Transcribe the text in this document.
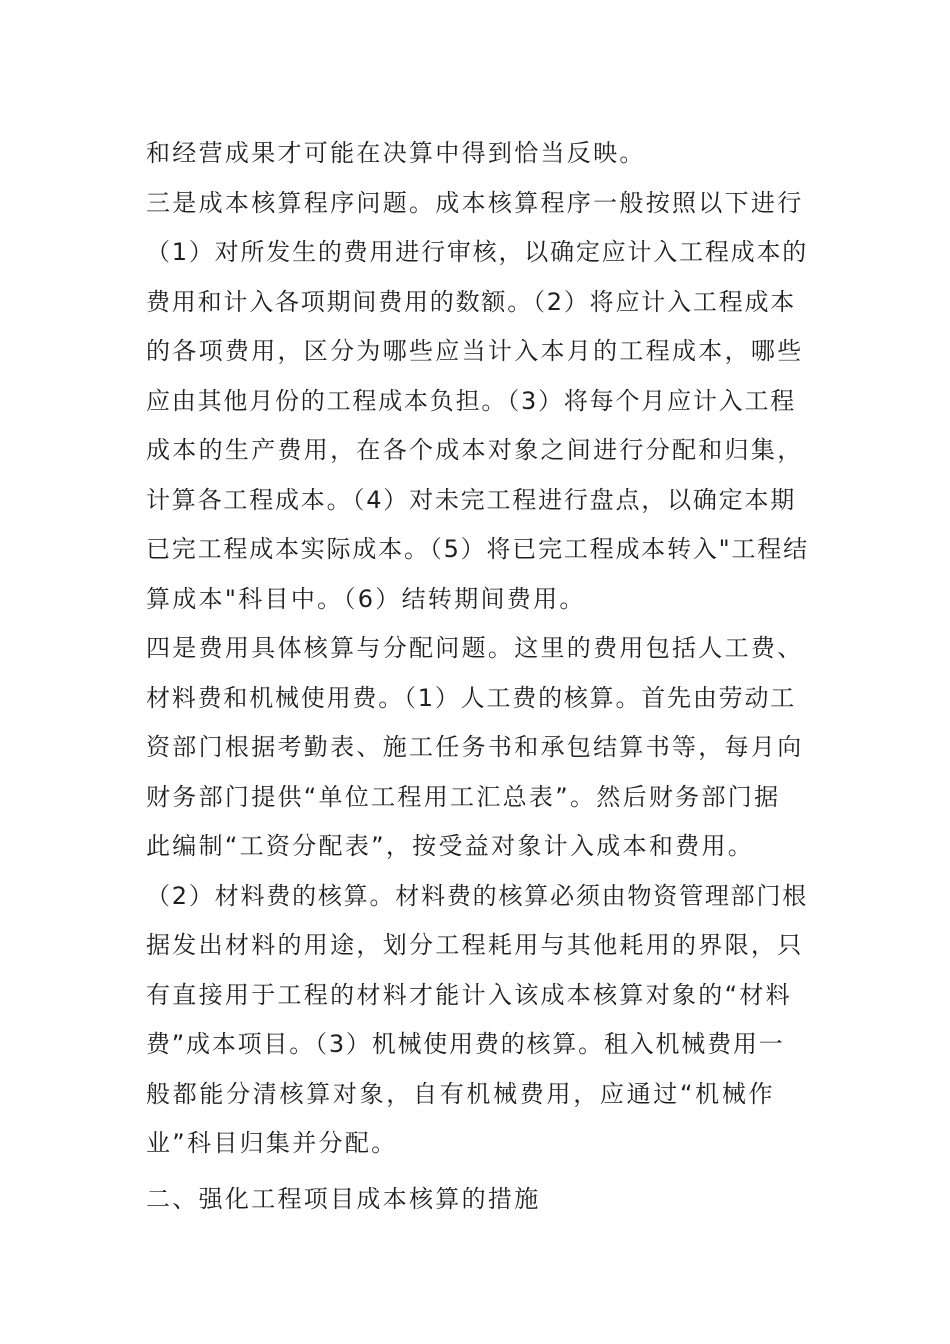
和经营成果才可能在决算中得到恰当反映。
三是成本核算程序问题。成本核算程序一般按照以下进行
（1）对所发生的费用进行审核，以确定应计入工程成本的
费用和计入各项期间费用的数额。（2）将应计入工程成本
的各项费用，区分为哪些应当计入本月的工程成本，哪些
应由其他月份的工程成本负担。（3）将每个月应计入工程
成本的生产费用，在各个成本对象之间进行分配和归集，
计算各工程成本。（4）对未完工程进行盘点，以确定本期
已完工程成本实际成本。（5）将已完工程成本转入"工程结
算成本"科目中。（6）结转期间费用。
四是费用具体核算与分配问题。这里的费用包括人工费、
材料费和机械使用费。（1）人工费的核算。首先由劳动工
资部门根据考勤表、施工任务书和承包结算书等，每月向
财务部门提供“单位工程用工汇总表”。然后财务部门据
此编制“工资分配表”，按受益对象计入成本和费用。
（2）材料费的核算。材料费的核算必须由物资管理部门根
据发出材料的用途，划分工程耗用与其他耗用的界限，只
有直接用于工程的材料才能计入该成本核算对象的“材料
费”成本项目。（3）机械使用费的核算。租入机械费用一
般都能分清核算对象，自有机械费用，应通过“机械作
业”科目归集并分配。
二、强化工程项目成本核算的措施
